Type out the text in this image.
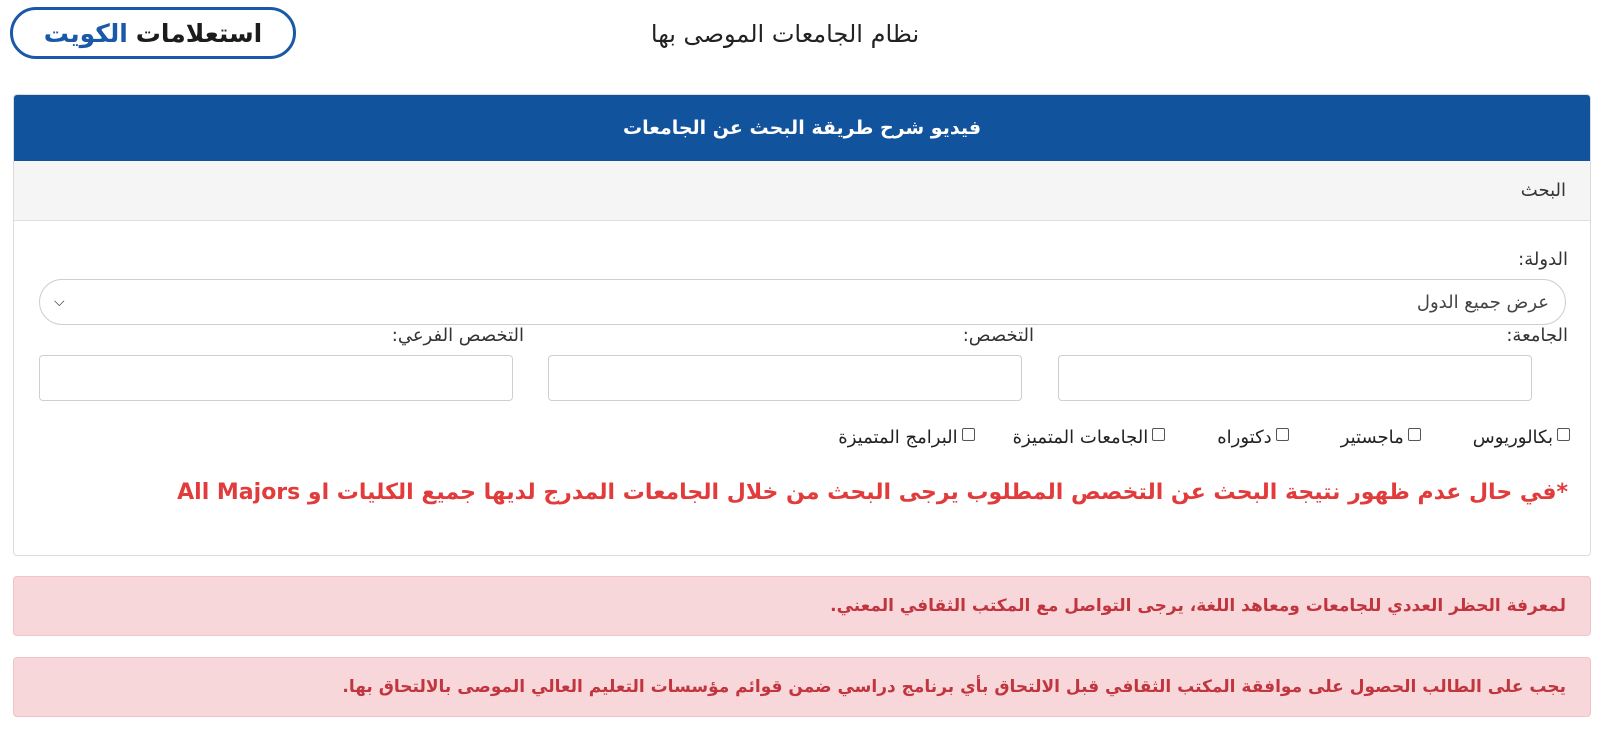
استعلامات
الكويت	نظام الجامعات الموصى بها
فيديو شرح طريقة البحث عن الجامعات
البحث
الدولة:
عرض جميع الدول
⌵
الجامعة:
التخصص:
التخصص الفرعي:
بكالوريوس
ماجستير
دكتوراه
الجامعات المتميزة
البرامج المتميزة
*في حال عدم ظهور نتيجة البحث عن التخصص المطلوب يرجى البحث من خلال الجامعات المدرج لديها جميع الكليات او All Majors
لمعرفة الحظر العددي للجامعات ومعاهد اللغة، يرجى التواصل مع المكتب الثقافي المعني.
يجب على الطالب الحصول على موافقة المكتب الثقافي قبل الالتحاق بأي برنامج دراسي ضمن قوائم مؤسسات التعليم العالي الموصى بالالتحاق بها.
